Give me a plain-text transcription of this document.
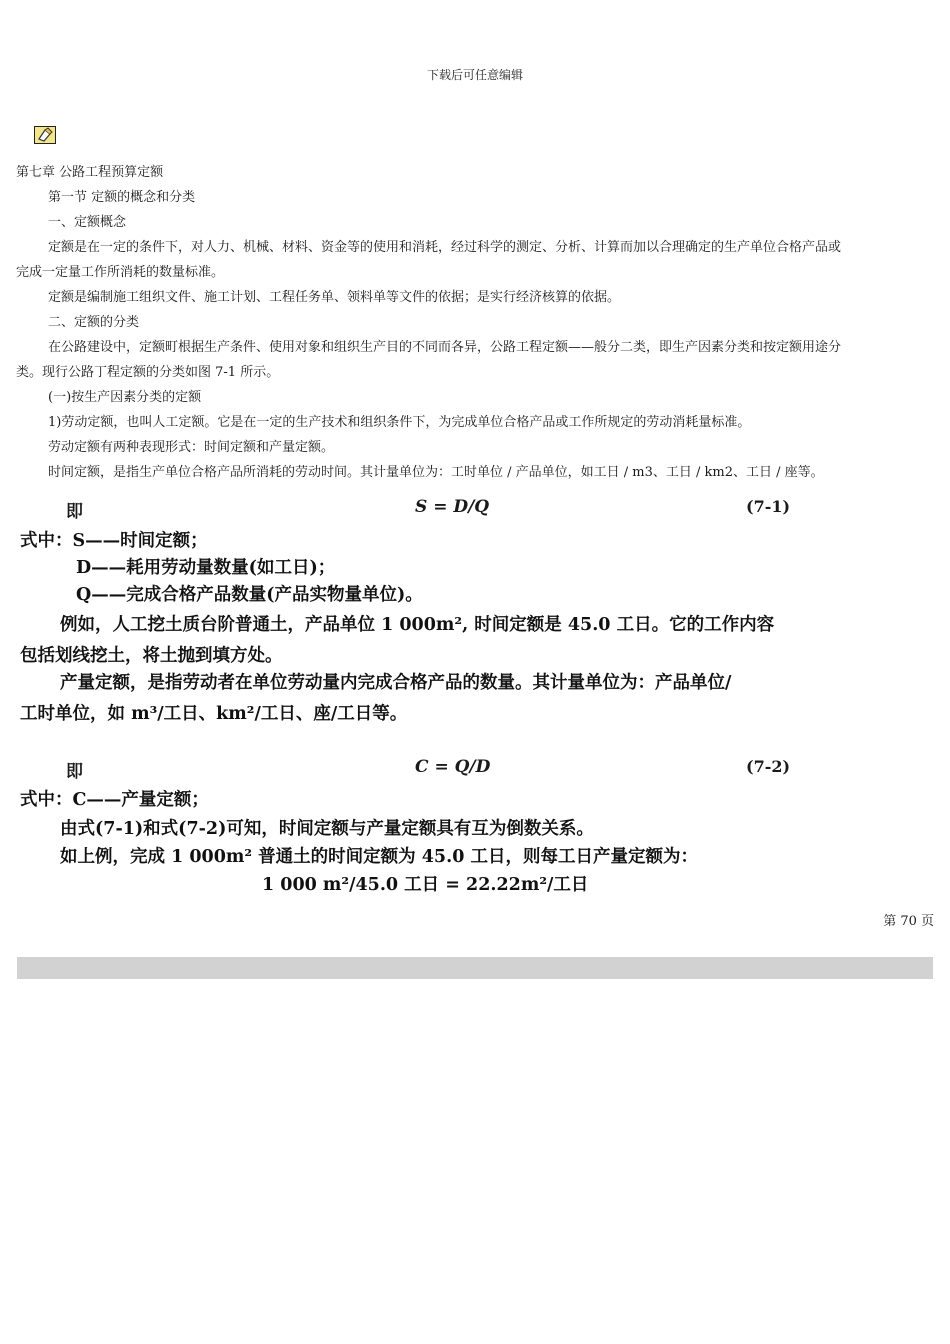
下载后可任意编辑
第七章 公路工程预算定额
第一节 定额的概念和分类
一、定额概念
定额是在一定的条件下，对人力、机械、材料、资金等的使用和消耗，经过科学的测定、分析、计算而加以合理确定的生产单位合格产品或
完成一定量工作所消耗的数量标准。
定额是编制施工组织文件、施工计划、工程任务单、领料单等文件的依据；是实行经济核算的依据。
二、定额的分类
在公路建设中，定额町根据生产条件、使用对象和组织生产目的不同而各异，公路工程定额——般分二类，即生产因素分类和按定额用途分
类。现行公路丁程定额的分类如图 7-1 所示。
(一)按生产因素分类的定额
1)劳动定额，也叫人工定额。它是在一定的生产技术和组织条件下，为完成单位合格产品或工作所规定的劳动消耗量标准。
劳动定额有两种表现形式：时间定额和产量定额。
时间定额，是指生产单位合格产品所消耗的劳动时间。其计量单位为：工时单位 / 产品单位，如工日 / m3、工日 / km2、工日 / 座等。
即	S = D/Q	(7-1)
式中：S——时间定额；
D——耗用劳动量数量(如工日)；
Q——完成合格产品数量(产品实物量单位)。
例如，人工挖土质台阶普通土，产品单位 1 000m², 时间定额是 45.0 工日。它的工作内容
包括划线挖土，将土抛到填方处。
产量定额，是指劳动者在单位劳动量内完成合格产品的数量。其计量单位为：产品单位/
工时单位，如 m³/工日、km²/工日、座/工日等。
即	C = Q/D	(7-2)
式中：C——产量定额；
由式(7-1)和式(7-2)可知，时间定额与产量定额具有互为倒数关系。
如上例，完成 1 000m² 普通土的时间定额为 45.0 工日，则每工日产量定额为：
1 000 m²/45.0 工日 = 22.22m²/工日
第 70 页
